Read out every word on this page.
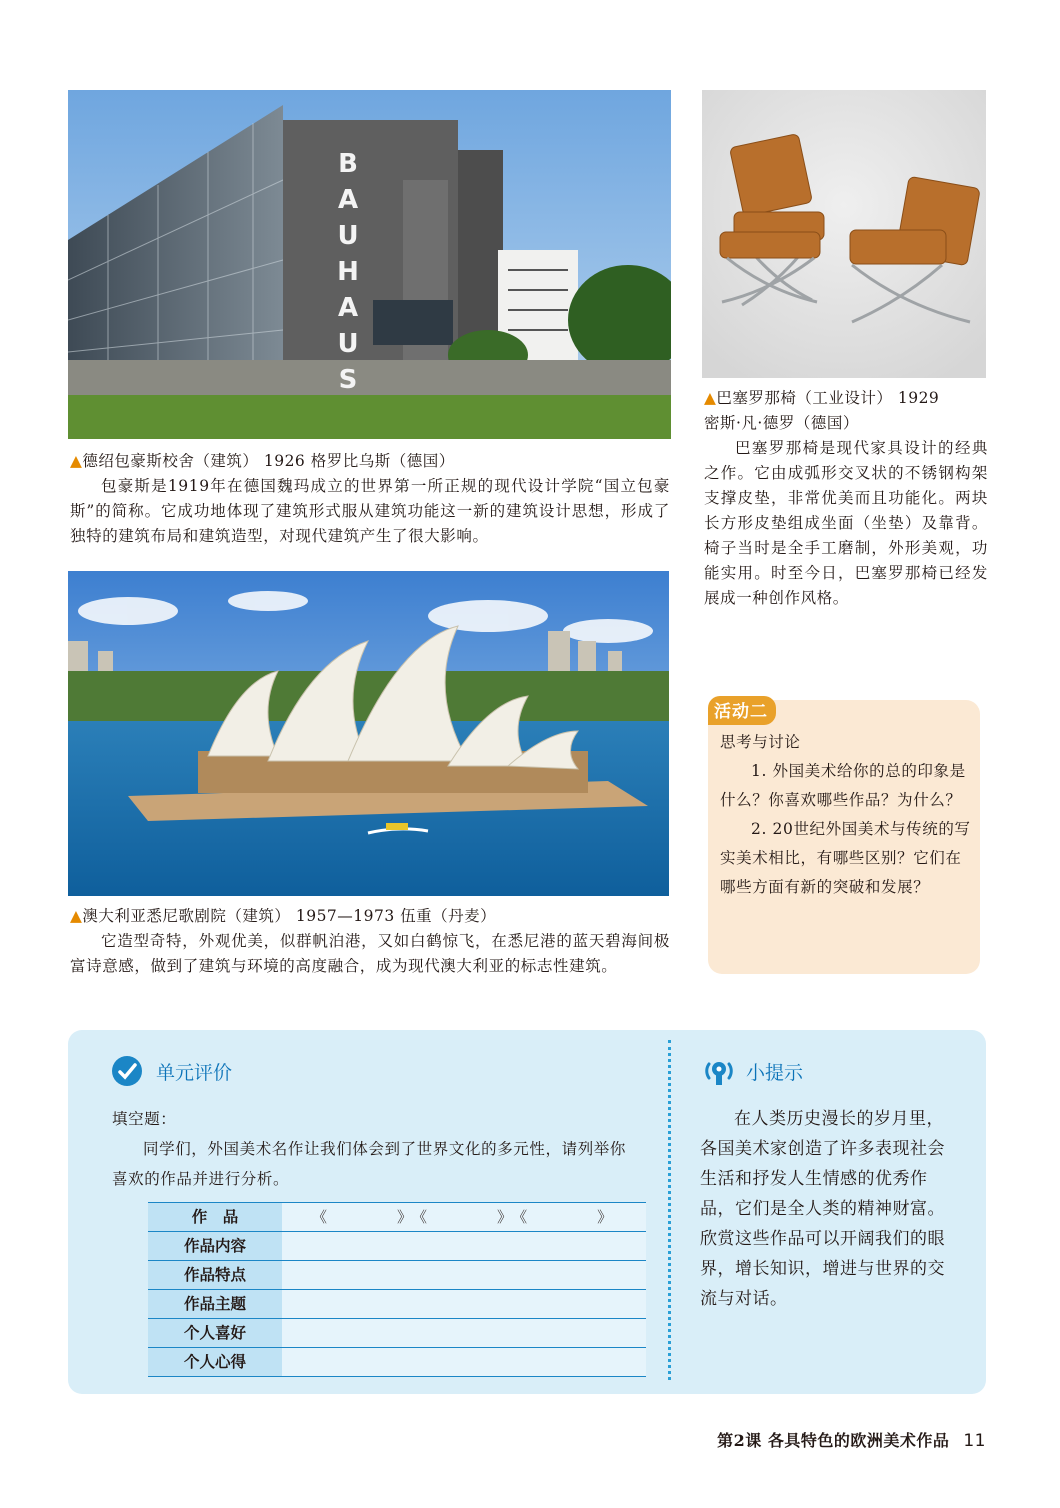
B
A
U
H
A
U
S
▲德绍包豪斯校舍（建筑） 1926 格罗比乌斯（德国）
包豪斯是1919年在德国魏玛成立的世界第一所正规的现代设计学院“国立包豪斯”的简称。它成功地体现了建筑形式服从建筑功能这一新的建筑设计思想，形成了独特的建筑布局和建筑造型，对现代建筑产生了很大影响。
▲巴塞罗那椅（工业设计） 1929
密斯·凡·德罗（德国）
巴塞罗那椅是现代家具设计的经典之作。它由成弧形交叉状的不锈钢构架支撑皮垫，非常优美而且功能化。两块长方形皮垫组成坐面（坐垫）及靠背。椅子当时是全手工磨制，外形美观，功能实用。时至今日，巴塞罗那椅已经发展成一种创作风格。
▲澳大利亚悉尼歌剧院（建筑） 1957—1973 伍重（丹麦）
它造型奇特，外观优美，似群帆泊港，又如白鹤惊飞，在悉尼港的蓝天碧海间极富诗意感，做到了建筑与环境的高度融合，成为现代澳大利亚的标志性建筑。
活动二
思考与讨论
1. 外国美术给你的总的印象是什么？你喜欢哪些作品？为什么？
2. 20世纪外国美术与传统的写实美术相比，有哪些区别？它们在哪些方面有新的突破和发展？
单元评价
填空题：
同学们，外国美术名作让我们体会到了世界文化的多元性，请列举你喜欢的作品并进行分析。
作　品	《	》 《	》 《	》
作品内容
作品特点
作品主题
个人喜好
个人心得
小提示
在人类历史漫长的岁月里，各国美术家创造了许多表现社会生活和抒发人生情感的优秀作品，它们是全人类的精神财富。欣赏这些作品可以开阔我们的眼界，增长知识，增进与世界的交流与对话。
第2课 各具特色的欧洲美术作品 11
